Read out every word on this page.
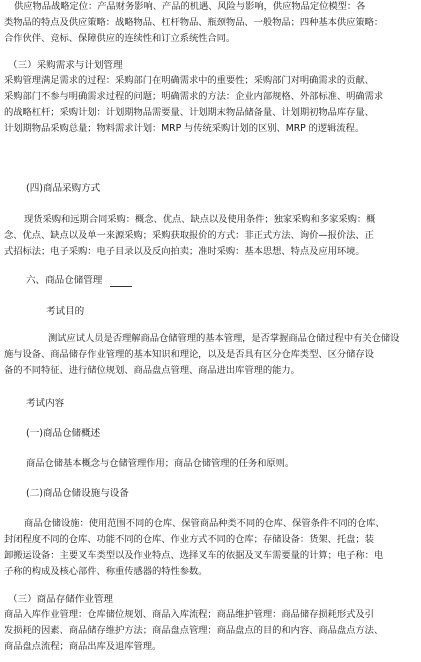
供应物品战略定位：产品财务影响、产品的机遇、风险与影响，供应物品定位模型：各
类物品的特点及供应策略：战略物品、杠杆物品、瓶颈物品、一般物品；四种基本供应策略：
合作伙伴、竞标、保障供应的连续性和订立系统性合同。
（三）采购需求与计划管理
采购管理满足需求的过程：采购部门在明确需求中的重要性；采购部门对明确需求的贡献、
采购部门不参与明确需求过程的问题；明确需求的方法：企业内部规格、外部标准、明确需求
的战略杠杆；采购计划：计划期物品需要量、计划期末物品储备量、计划期初物品库存量、
计划期物品采购总量；物料需求计划：MRP 与传统采购计划的区别、MRP 的逻辑流程。
(四)商品采购方式
现货采购和远期合同采购：概念、优点、缺点以及使用条件；独家采购和多家采购：概
念、优点、缺点以及单一来源采购；采购获取报价的方式：非正式方法、询价—报价法、正
式招标法；电子采购：电子目录以及反向拍卖；准时采购：基本思想、特点及应用环境。
六、商品仓储管理
考试目的
测试应试人员是否理解商品仓储管理的基本管理，是否掌握商品仓储过程中有关仓储设
施与设备、商品储存作业管理的基本知识和理论，以及是否具有区分仓库类型、区分储存设
备的不同特征、进行储位规划、商品盘点管理、商品进出库管理的能力。
考试内容
(一)商品仓储概述
商品仓储基本概念与仓储管理作用；商品仓储管理的任务和原则。
(二)商品仓储设施与设备
商品仓储设施：使用范围不同的仓库、保管商品种类不同的仓库、保管条件不同的仓库、
封闭程度不同的仓库、功能不同的仓库、作业方式不同的仓库；存储设备：货架、托盘；装
卸搬运设备：主要叉车类型以及作业特点、选择叉车的依据及叉车需要量的计算；电子称：电
子称的构成及核心部件、称重传感器的特性参数。
（三）商品存储作业管理
商品入库作业管理：仓库储位规划、商品入库流程；商品维护管理：商品储存损耗形式及引
发损耗的因素、商品储存维护方法；商品盘点管理：商品盘点的目的和内容、商品盘点方法、
商品盘点流程；商品出库及退库管理。
